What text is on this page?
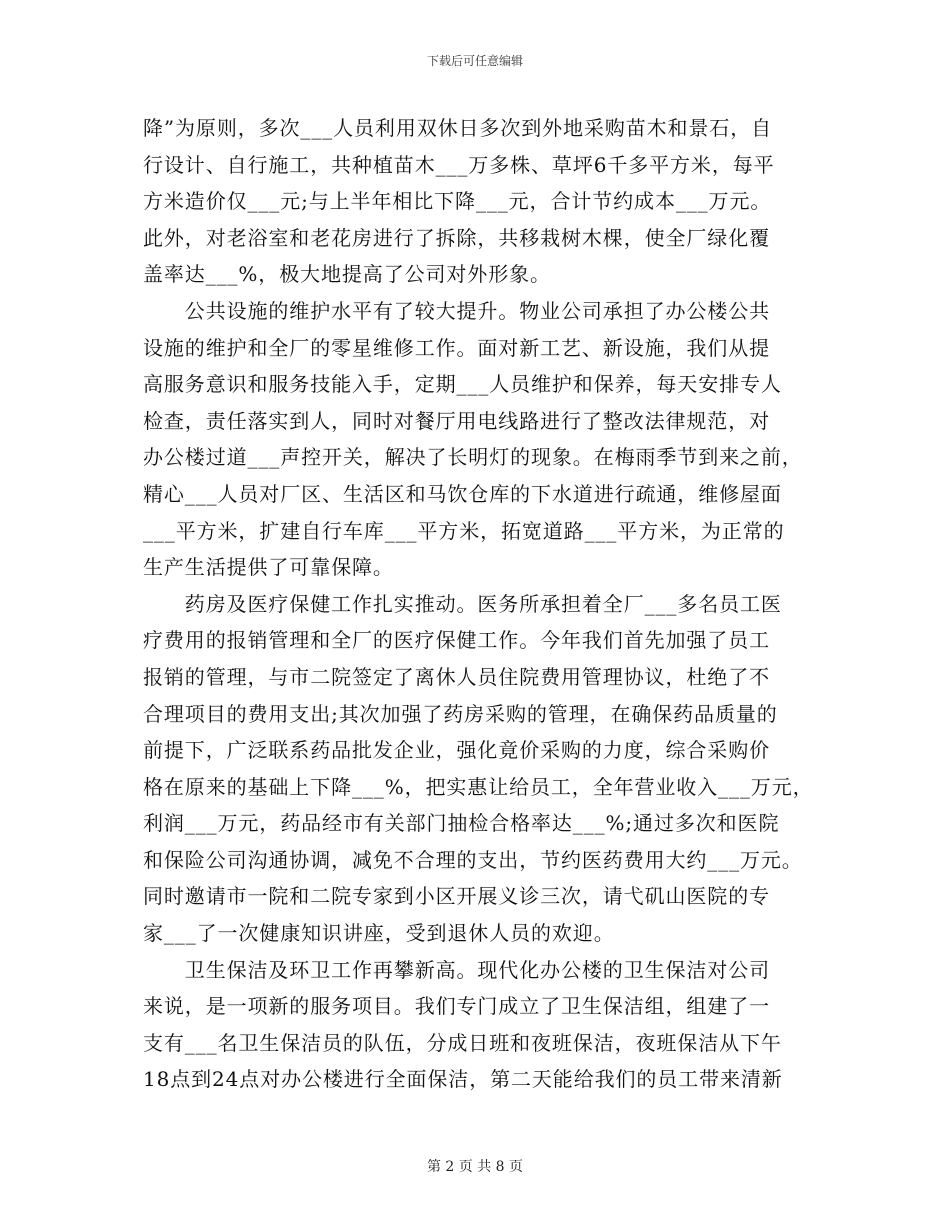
下载后可任意编辑
降”为原则，多次___人员利用双休日多次到外地采购苗木和景石，自
行设计、自行施工，共种植苗木___万多株、草坪6千多平方米，每平
方米造价仅___元;与上半年相比下降___元，合计节约成本___万元。
此外，对老浴室和老花房进行了拆除，共移栽树木棵，使全厂绿化覆
盖率达___%，极大地提高了公司对外形象。
　　公共设施的维护水平有了较大提升。物业公司承担了办公楼公共
设施的维护和全厂的零星维修工作。面对新工艺、新设施，我们从提
高服务意识和服务技能入手，定期___人员维护和保养，每天安排专人
检查，责任落实到人，同时对餐厅用电线路进行了整改法律规范，对
办公楼过道___声控开关，解决了长明灯的现象。在梅雨季节到来之前，
精心___人员对厂区、生活区和马饮仓库的下水道进行疏通，维修屋面
___平方米，扩建自行车库___平方米，拓宽道路___平方米，为正常的
生产生活提供了可靠保障。
　　药房及医疗保健工作扎实推动。医务所承担着全厂___多名员工医
疗费用的报销管理和全厂的医疗保健工作。今年我们首先加强了员工
报销的管理，与市二院签定了离休人员住院费用管理协议，杜绝了不
合理项目的费用支出;其次加强了药房采购的管理，在确保药品质量的
前提下，广泛联系药品批发企业，强化竟价采购的力度，综合采购价
格在原来的基础上下降___%，把实惠让给员工，全年营业收入___万元，
利润___万元，药品经市有关部门抽检合格率达___%;通过多次和医院
和保险公司沟通协调，减免不合理的支出，节约医药费用大约___万元。
同时邀请市一院和二院专家到小区开展义诊三次，请弋矶山医院的专
家___了一次健康知识讲座，受到退休人员的欢迎。
　　卫生保洁及环卫工作再攀新高。现代化办公楼的卫生保洁对公司
来说，是一项新的服务项目。我们专门成立了卫生保洁组，组建了一
支有___名卫生保洁员的队伍，分成日班和夜班保洁，夜班保洁从下午
18点到24点对办公楼进行全面保洁，第二天能给我们的员工带来清新
第 2 页 共 8 页
